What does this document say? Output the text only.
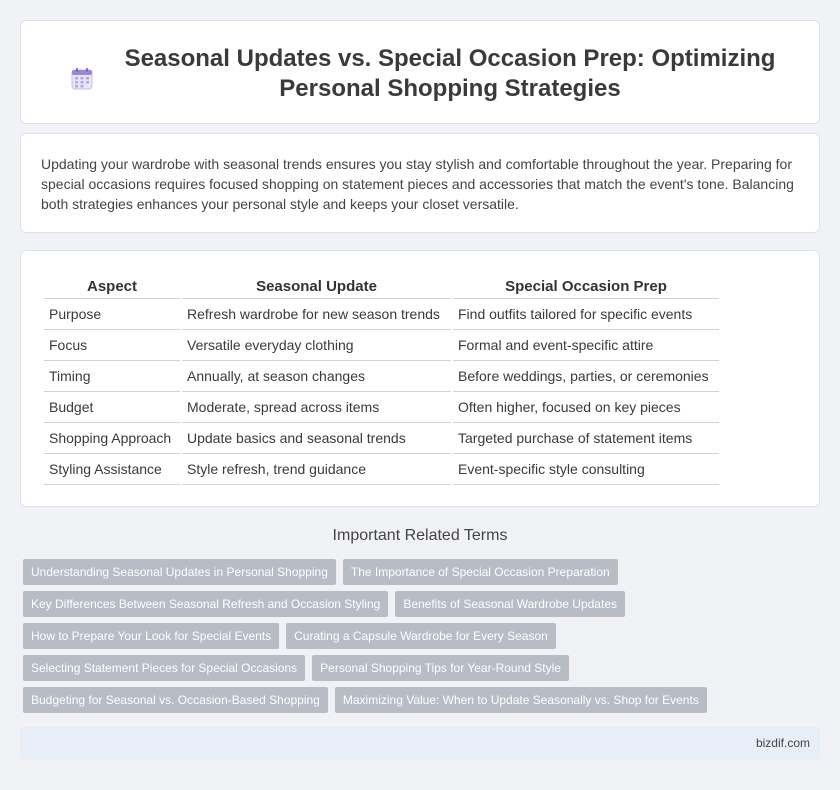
Seasonal Updates vs. Special Occasion Prep: Optimizing Personal Shopping Strategies

Updating your wardrobe with seasonal trends ensures you stay stylish and comfortable throughout the year. Preparing for special occasions requires focused shopping on statement pieces and accessories that match the event's tone. Balancing both strategies enhances your personal style and keeps your closet versatile.

Aspect	Seasonal Update	Special Occasion Prep
Purpose	Refresh wardrobe for new season trends	Find outfits tailored for specific events
Focus	Versatile everyday clothing	Formal and event-specific attire
Timing	Annually, at season changes	Before weddings, parties, or ceremonies
Budget	Moderate, spread across items	Often higher, focused on key pieces
Shopping Approach	Update basics and seasonal trends	Targeted purchase of statement items
Styling Assistance	Style refresh, trend guidance	Event-specific style consulting
Important Related Terms
Understanding Seasonal Updates in Personal Shopping	The Importance of Special Occasion Preparation
Key Differences Between Seasonal Refresh and Occasion Styling	Benefits of Seasonal Wardrobe Updates
How to Prepare Your Look for Special Events	Curating a Capsule Wardrobe for Every Season
Selecting Statement Pieces for Special Occasions	Personal Shopping Tips for Year-Round Style
Budgeting for Seasonal vs. Occasion-Based Shopping	Maximizing Value: When to Update Seasonally vs. Shop for Events
bizdif.com
